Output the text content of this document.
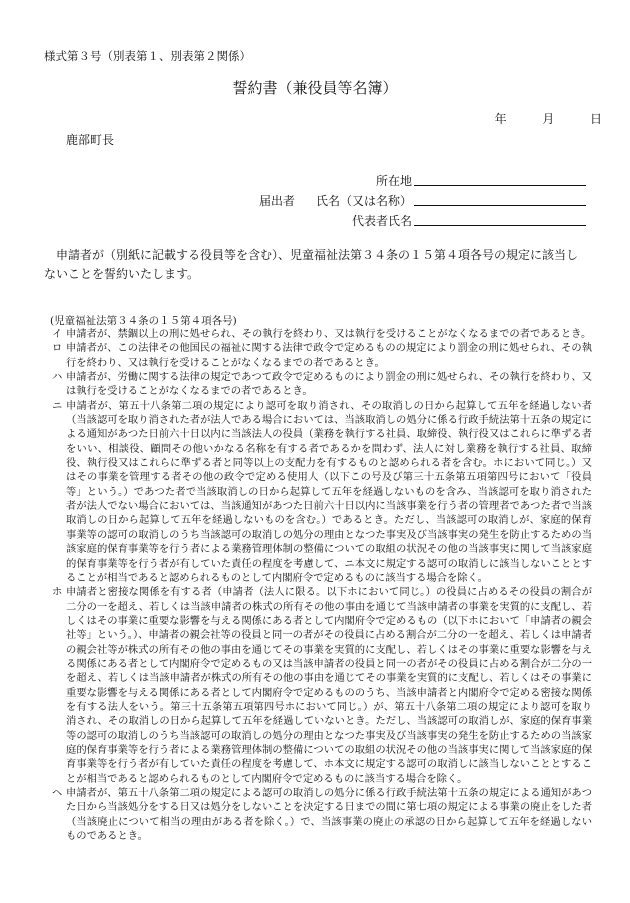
様式第３号（別表第１、別表第２関係）
誓約書（兼役員等名簿）
年	月	日
鹿部町長
所在地
届出者	氏名（又は名称）
代表者氏名

申請者が（別紙に記載する役員等を含む）、児童福祉法第３４条の１５第４項各号の規定に該当しないことを誓約いたします。

(児童福祉法第３４条の１５第４項各号)
イ 申請者が、禁錮以上の刑に処せられ、その執行を終わり、又は執行を受けることがなくなるまでの者であるとき。
ロ 申請者が、この法律その他国民の福祉に関する法律で政令で定めるものの規定により罰金の刑に処せられ、その執行を終わり、又は執行を受けることがなくなるまでの者であるとき。
ハ 申請者が、労働に関する法律の規定であつて政令で定めるものにより罰金の刑に処せられ、その執行を終わり、又は執行を受けることがなくなるまでの者であるとき。
ニ 申請者が、第五十八条第二項の規定により認可を取り消され、その取消しの日から起算して五年を経過しない者（当該認可を取り消された者が法人である場合においては、当該取消しの処分に係る行政手続法第十五条の規定による通知があつた日前六十日以内に当該法人の役員（業務を執行する社員、取締役、執行役又はこれらに準ずる者をいい、相談役、顧問その他いかなる名称を有する者であるかを問わず、法人に対し業務を執行する社員、取締役、執行役又はこれらに準ずる者と同等以上の支配力を有するものと認められる者を含む。ホにおいて同じ。）又はその事業を管理する者その他の政令で定める使用人（以下この号及び第三十五条第五項第四号において「役員等」という。）であつた者で当該取消しの日から起算して五年を経過しないものを含み、当該認可を取り消された者が法人でない場合においては、当該通知があつた日前六十日以内に当該事業を行う者の管理者であつた者で当該取消しの日から起算して五年を経過しないものを含む。）であるとき。ただし、当該認可の取消しが、家庭的保育事業等の認可の取消しのうち当該認可の取消しの処分の理由となつた事実及び当該事実の発生を防止するための当該家庭的保育事業等を行う者による業務管理体制の整備についての取組の状況その他の当該事実に関して当該家庭的保育事業等を行う者が有していた責任の程度を考慮して、ニ本文に規定する認可の取消しに該当しないこととすることが相当であると認められるものとして内閣府令で定めるものに該当する場合を除く。
ホ 申請者と密接な関係を有する者（申請者（法人に限る。以下ホにおいて同じ。）の役員に占めるその役員の割合が二分の一を超え、若しくは当該申請者の株式の所有その他の事由を通じて当該申請者の事業を実質的に支配し、若しくはその事業に重要な影響を与える関係にある者として内閣府令で定めるもの（以下ホにおいて「申請者の親会社等」という。）、申請者の親会社等の役員と同一の者がその役員に占める割合が二分の一を超え、若しくは申請者の親会社等が株式の所有その他の事由を通じてその事業を実質的に支配し、若しくはその事業に重要な影響を与える関係にある者として内閣府令で定めるもの又は当該申請者の役員と同一の者がその役員に占める割合が二分の一を超え、若しくは当該申請者が株式の所有その他の事由を通じてその事業を実質的に支配し、若しくはその事業に重要な影響を与える関係にある者として内閣府令で定めるもののうち、当該申請者と内閣府令で定める密接な関係を有する法人をいう。第三十五条第五項第四号ホにおいて同じ。）が、第五十八条第二項の規定により認可を取り消され、その取消しの日から起算して五年を経過していないとき。ただし、当該認可の取消しが、家庭的保育事業等の認可の取消しのうち当該認可の取消しの処分の理由となつた事実及び当該事実の発生を防止するための当該家庭的保育事業等を行う者による業務管理体制の整備についての取組の状況その他の当該事実に関して当該家庭的保育事業等を行う者が有していた責任の程度を考慮して、ホ本文に規定する認可の取消しに該当しないこととすることが相当であると認められるものとして内閣府令で定めるものに該当する場合を除く。
ヘ 申請者が、第五十八条第二項の規定による認可の取消しの処分に係る行政手続法第十五条の規定による通知があつた日から当該処分をする日又は処分をしないことを決定する日までの間に第七項の規定による事業の廃止をした者（当該廃止について相当の理由がある者を除く。）で、当該事業の廃止の承認の日から起算して五年を経過しないものであるとき。
